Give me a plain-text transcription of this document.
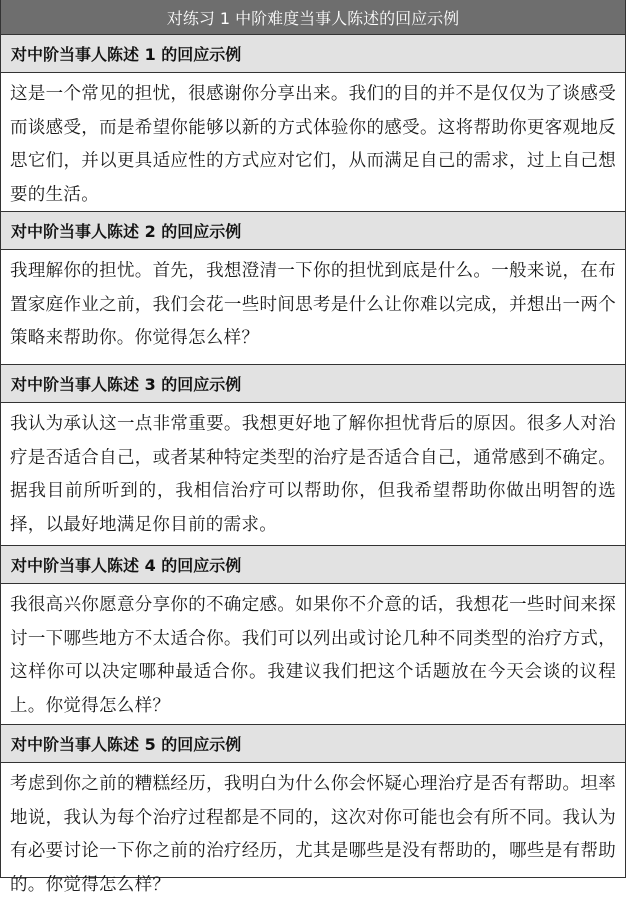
对练习 1 中阶难度当事人陈述的回应示例
对中阶当事人陈述 1 的回应示例
这是一个常见的担忧，很感谢你分享出来。我们的目的并不是仅仅为了谈感受而谈感受，而是希望你能够以新的方式体验你的感受。这将帮助你更客观地反思它们，并以更具适应性的方式应对它们，从而满足自己的需求，过上自己想要的生活。
对中阶当事人陈述 2 的回应示例
我理解你的担忧。首先，我想澄清一下你的担忧到底是什么。一般来说，在布置家庭作业之前，我们会花一些时间思考是什么让你难以完成，并想出一两个策略来帮助你。你觉得怎么样？
对中阶当事人陈述 3 的回应示例
我认为承认这一点非常重要。我想更好地了解你担忧背后的原因。很多人对治疗是否适合自己，或者某种特定类型的治疗是否适合自己，通常感到不确定。据我目前所听到的，我相信治疗可以帮助你，但我希望帮助你做出明智的选择，以最好地满足你目前的需求。
对中阶当事人陈述 4 的回应示例
我很高兴你愿意分享你的不确定感。如果你不介意的话，我想花一些时间来探讨一下哪些地方不太适合你。我们可以列出或讨论几种不同类型的治疗方式，这样你可以决定哪种最适合你。我建议我们把这个话题放在今天会谈的议程上。你觉得怎么样？
对中阶当事人陈述 5 的回应示例
考虑到你之前的糟糕经历，我明白为什么你会怀疑心理治疗是否有帮助。坦率地说，我认为每个治疗过程都是不同的，这次对你可能也会有所不同。我认为有必要讨论一下你之前的治疗经历，尤其是哪些是没有帮助的，哪些是有帮助的。你觉得怎么样？
